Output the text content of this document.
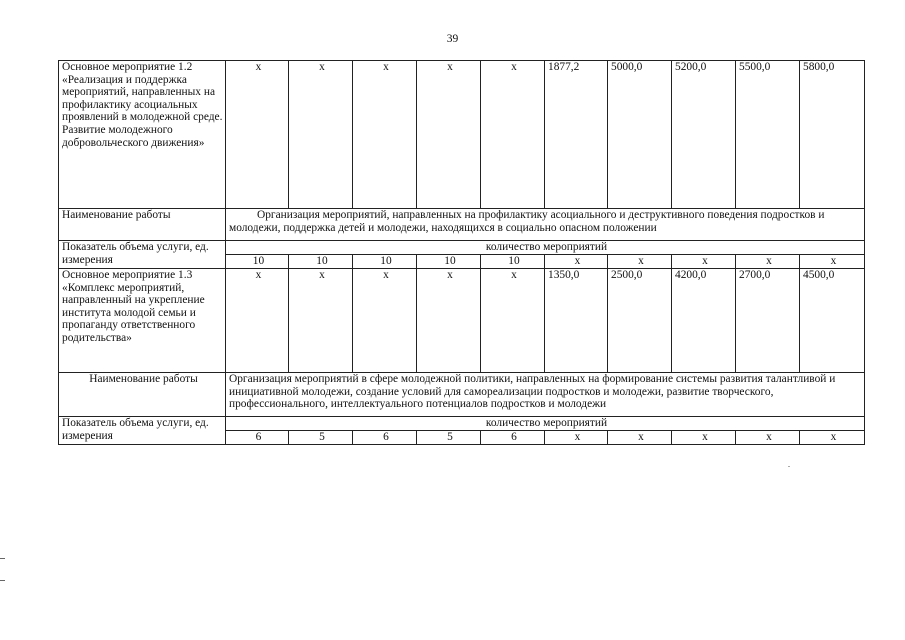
39
Основное мероприятие 1.2 «Реализация и поддержка мероприятий, направленных на профилактику асоциальных проявлений в молодежной среде. Развитие молодежного добровольческого движения»	х	х	х	х	х	1877,2	5000,0	5200,0	5500,0	5800,0
Наименование работы	Организация мероприятий, направленных на профилактику асоциального и деструктивного поведения подростков и молодежи, поддержка детей и молодежи, находящихся в социально опасном положении									
Показатель объема услуги, ед. измерения	количество мероприятий									
	10	10	10	10	10	х	х	х	х	х
Основное мероприятие 1.3 «Комплекс мероприятий, направленный на укрепление института молодой семьи и пропаганду ответственного родительства»	х	х	х	х	х	1350,0	2500,0	4200,0	2700,0	4500,0
Наименование работы	Организация мероприятий в сфере молодежной политики, направленных на формирование системы развития талантливой и инициативной молодежи, создание условий для самореализации подростков и молодежи, развитие творческого, профессионального, интеллектуального потенциалов подростков и молодежи									
Показатель объема услуги, ед. измерения	количество мероприятий									
	6	5	6	5	6	х	х	х	х	х
